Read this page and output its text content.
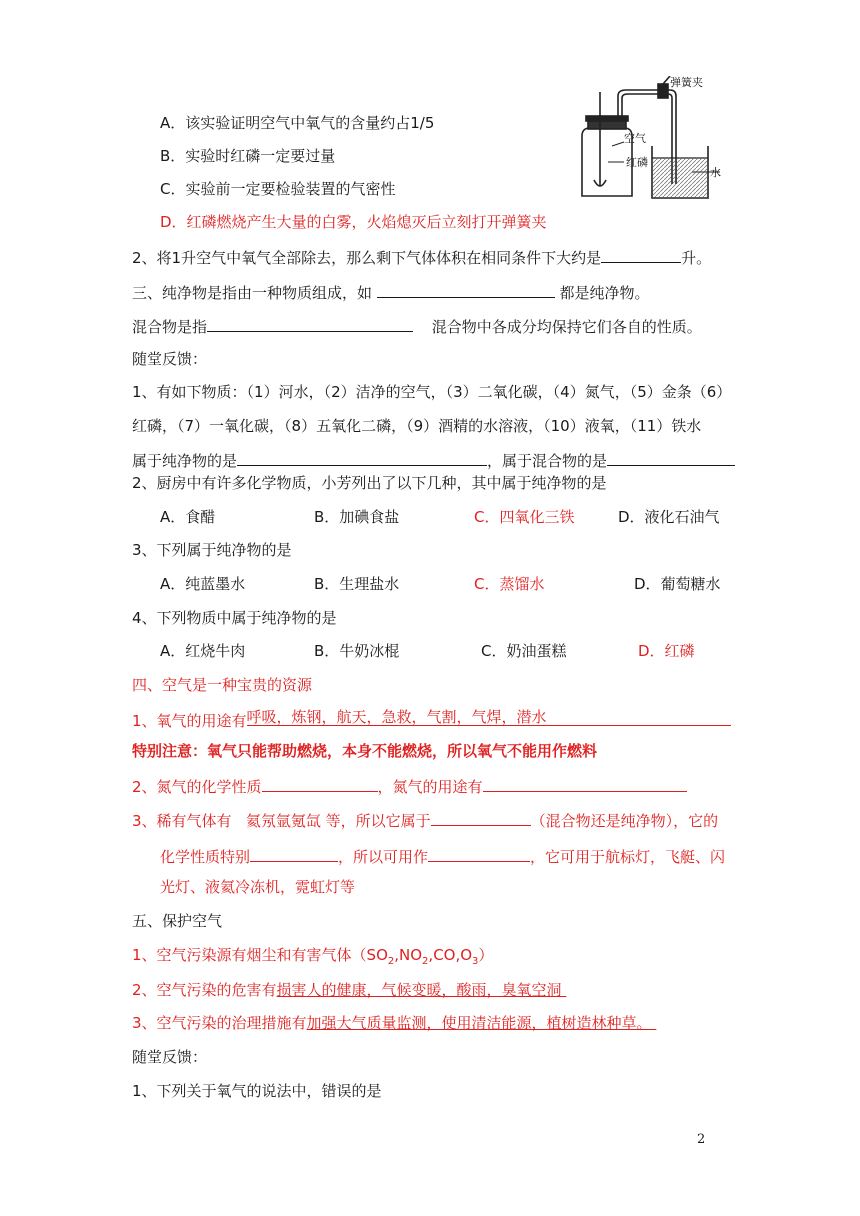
A．该实验证明空气中氧气的含量约占1/5
B．实验时红磷一定要过量
C．实验前一定要检验装置的气密性
D．红磷燃烧产生大量的白雾，火焰熄灭后立刻打开弹簧夹
弹簧夹
空气
红磷
水
2、将1升空气中氧气全部除去，那么剩下气体体积在相同条件下大约是	升。
三、纯净物是指由一种物质组成，如	都是纯净物。
混合物是指	混合物中各成分均保持它们各自的性质。
随堂反馈：
1、有如下物质：（1）河水，（2）洁净的空气，（3）二氧化碳，（4）氮气，（5）金条（6）
红磷，（7）一氧化碳，（8）五氧化二磷，（9）酒精的水溶液，（10）液氧，（11）铁水
属于纯净物的是	，属于混合物的是
2、厨房中有许多化学物质，小芳列出了以下几种，其中属于纯净物的是
A．食醋	B．加碘食盐	C．四氧化三铁	D．液化石油气
3、下列属于纯净物的是
A．纯蓝墨水	B．生理盐水	C．蒸馏水	D．葡萄糖水
4、下列物质中属于纯净物的是
A．红烧牛肉	B．牛奶冰棍	C．奶油蛋糕	D．红磷
四、空气是一种宝贵的资源
1、氧气的用途有 呼吸，炼钢，航天，急救，气割，气焊，潜水
特别注意：氧气只能帮助燃烧，本身不能燃烧，所以氧气不能用作燃料
2、氮气的化学性质	，氮气的用途有
3、稀有气体有   氦氖氩氪氙 等，所以它属于	（混合物还是纯净物），它的
化学性质特别	，所以可用作	，它可用于航标灯，飞艇、闪
光灯、液氦冷冻机，霓虹灯等
五、保护空气
1、空气污染源有烟尘和有害气体$(SO_2,NO_2,CO,O_3)$
2、空气污染的危害有损害人的健康，气候变暖，酸雨，臭氧空洞
3、空气污染的治理措施有加强大气质量监测，使用清洁能源，植树造林种草。
随堂反馈：
1、下列关于氧气的说法中，错误的是
2
